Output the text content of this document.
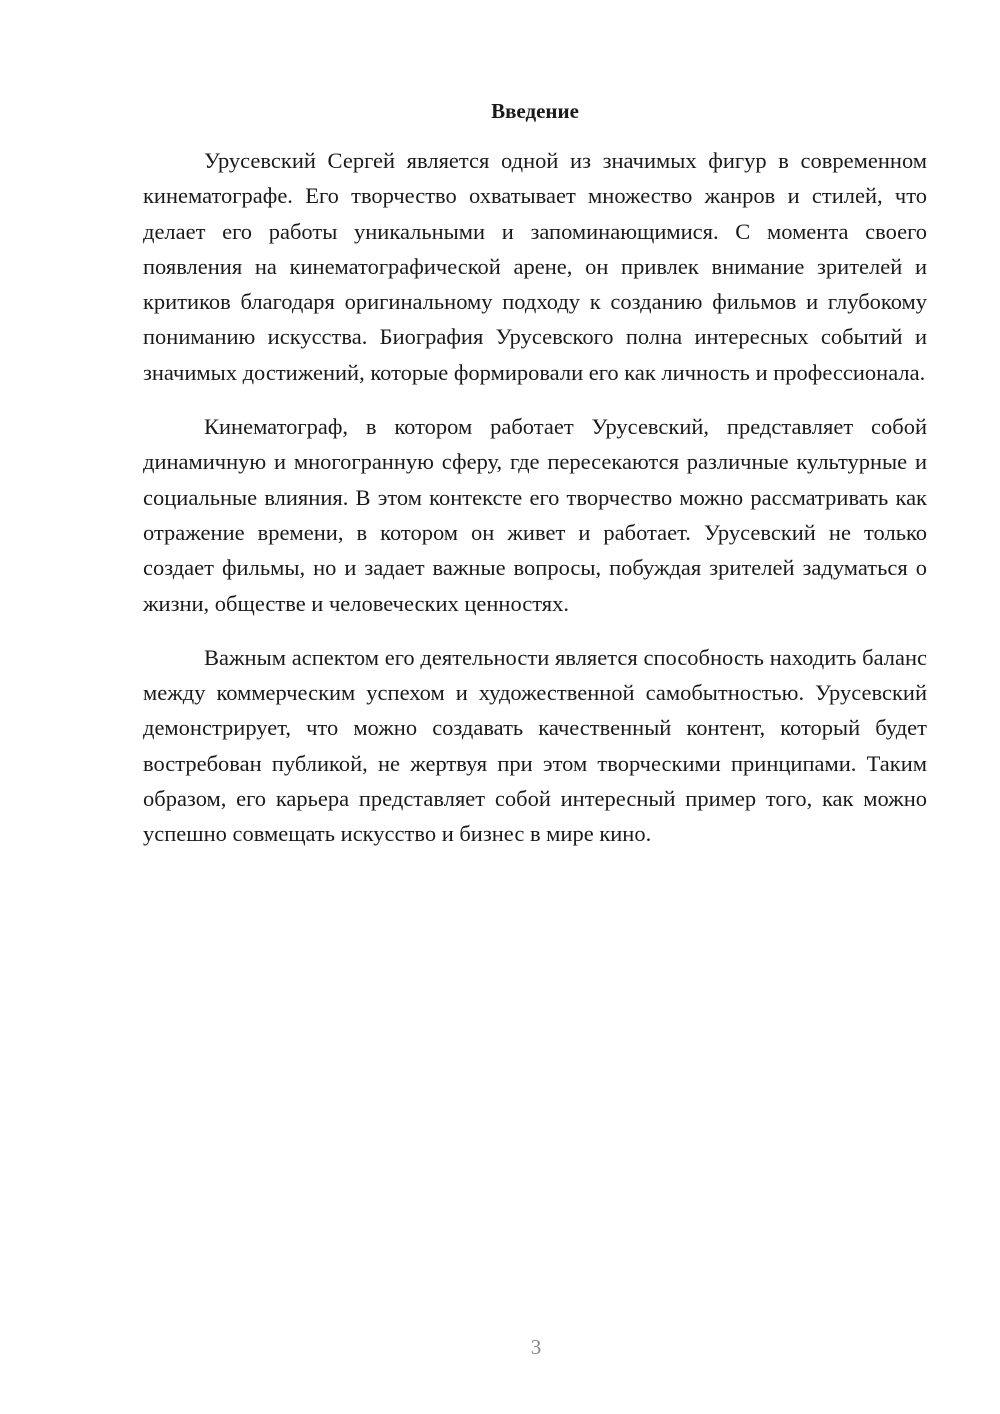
Введение

Урусевский Сергей является одной из значимых фигур в современном кинематографе. Его творчество охватывает множество жанров и стилей, что делает его работы уникальными и запоминающимися. С момента своего появления на кинематографической арене, он привлек внимание зрителей и критиков благодаря оригинальному подходу к созданию фильмов и глубокому пониманию искусства. Биография Урусевского полна интересных событий и значимых достижений, которые формировали его как личность и профессионала.

Кинематограф, в котором работает Урусевский, представляет собой динамичную и многогранную сферу, где пересекаются различные культурные и социальные влияния. В этом контексте его творчество можно рассматривать как отражение времени, в котором он живет и работает. Урусевский не только создает фильмы, но и задает важные вопросы, побуждая зрителей задуматься о жизни, обществе и человеческих ценностях.

Важным аспектом его деятельности является способность находить баланс между коммерческим успехом и художественной самобытностью. Урусевский демонстрирует, что можно создавать качественный контент, который будет востребован публикой, не жертвуя при этом творческими принципами. Таким образом, его карьера представляет собой интересный пример того, как можно успешно совмещать искусство и бизнес в мире кино.

3
